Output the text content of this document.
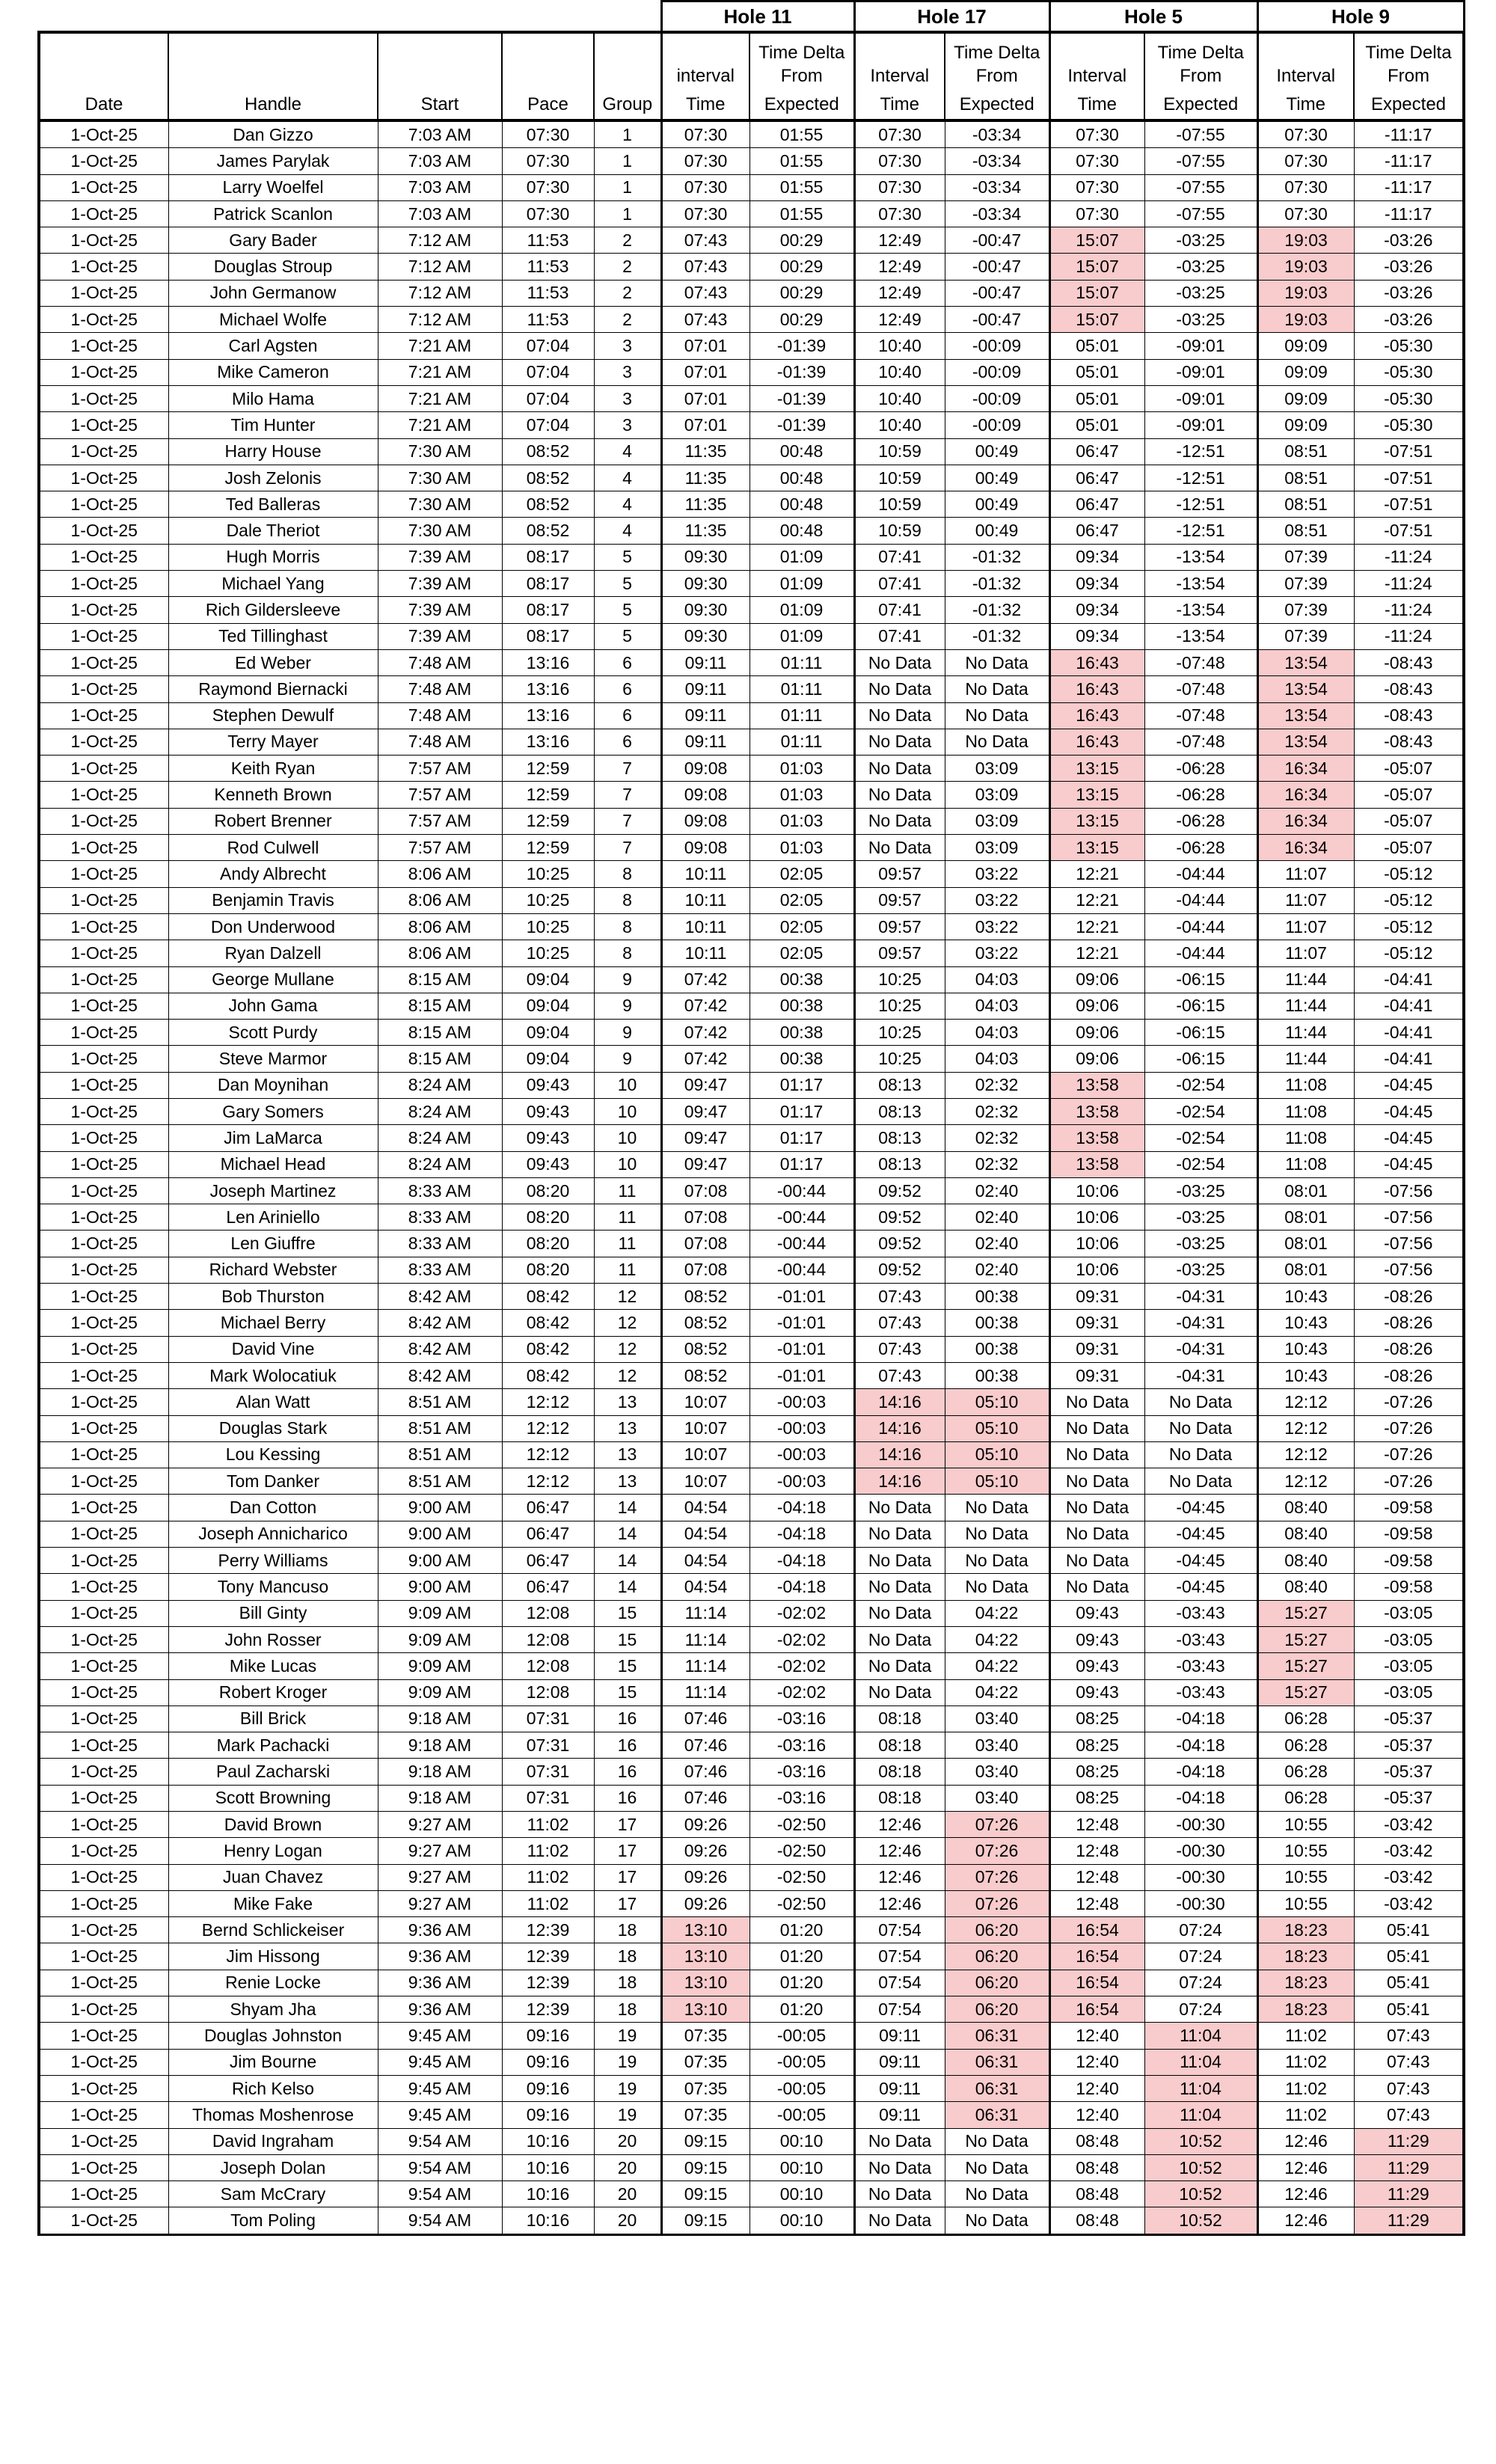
					Hole 11		Hole 17		Hole 5		Hole 9	
						Time Delta		Time Delta		Time Delta		Time Delta
					interval	From	Interval	From	Interval	From	Interval	From
Date	Handle	Start	Pace	Group	Time	Expected	Time	Expected	Time	Expected	Time	Expected
1-Oct-25	Dan Gizzo	7:03 AM	07:30	1	07:30	01:55	07:30	-03:34	07:30	-07:55	07:30	-11:17
1-Oct-25	James Parylak	7:03 AM	07:30	1	07:30	01:55	07:30	-03:34	07:30	-07:55	07:30	-11:17
1-Oct-25	Larry Woelfel	7:03 AM	07:30	1	07:30	01:55	07:30	-03:34	07:30	-07:55	07:30	-11:17
1-Oct-25	Patrick Scanlon	7:03 AM	07:30	1	07:30	01:55	07:30	-03:34	07:30	-07:55	07:30	-11:17
1-Oct-25	Gary Bader	7:12 AM	11:53	2	07:43	00:29	12:49	-00:47	15:07	-03:25	19:03	-03:26
1-Oct-25	Douglas Stroup	7:12 AM	11:53	2	07:43	00:29	12:49	-00:47	15:07	-03:25	19:03	-03:26
1-Oct-25	John Germanow	7:12 AM	11:53	2	07:43	00:29	12:49	-00:47	15:07	-03:25	19:03	-03:26
1-Oct-25	Michael Wolfe	7:12 AM	11:53	2	07:43	00:29	12:49	-00:47	15:07	-03:25	19:03	-03:26
1-Oct-25	Carl Agsten	7:21 AM	07:04	3	07:01	-01:39	10:40	-00:09	05:01	-09:01	09:09	-05:30
1-Oct-25	Mike Cameron	7:21 AM	07:04	3	07:01	-01:39	10:40	-00:09	05:01	-09:01	09:09	-05:30
1-Oct-25	Milo Hama	7:21 AM	07:04	3	07:01	-01:39	10:40	-00:09	05:01	-09:01	09:09	-05:30
1-Oct-25	Tim Hunter	7:21 AM	07:04	3	07:01	-01:39	10:40	-00:09	05:01	-09:01	09:09	-05:30
1-Oct-25	Harry House	7:30 AM	08:52	4	11:35	00:48	10:59	00:49	06:47	-12:51	08:51	-07:51
1-Oct-25	Josh Zelonis	7:30 AM	08:52	4	11:35	00:48	10:59	00:49	06:47	-12:51	08:51	-07:51
1-Oct-25	Ted Balleras	7:30 AM	08:52	4	11:35	00:48	10:59	00:49	06:47	-12:51	08:51	-07:51
1-Oct-25	Dale Theriot	7:30 AM	08:52	4	11:35	00:48	10:59	00:49	06:47	-12:51	08:51	-07:51
1-Oct-25	Hugh Morris	7:39 AM	08:17	5	09:30	01:09	07:41	-01:32	09:34	-13:54	07:39	-11:24
1-Oct-25	Michael Yang	7:39 AM	08:17	5	09:30	01:09	07:41	-01:32	09:34	-13:54	07:39	-11:24
1-Oct-25	Rich Gildersleeve	7:39 AM	08:17	5	09:30	01:09	07:41	-01:32	09:34	-13:54	07:39	-11:24
1-Oct-25	Ted Tillinghast	7:39 AM	08:17	5	09:30	01:09	07:41	-01:32	09:34	-13:54	07:39	-11:24
1-Oct-25	Ed Weber	7:48 AM	13:16	6	09:11	01:11	No Data	No Data	16:43	-07:48	13:54	-08:43
1-Oct-25	Raymond Biernacki	7:48 AM	13:16	6	09:11	01:11	No Data	No Data	16:43	-07:48	13:54	-08:43
1-Oct-25	Stephen Dewulf	7:48 AM	13:16	6	09:11	01:11	No Data	No Data	16:43	-07:48	13:54	-08:43
1-Oct-25	Terry Mayer	7:48 AM	13:16	6	09:11	01:11	No Data	No Data	16:43	-07:48	13:54	-08:43
1-Oct-25	Keith Ryan	7:57 AM	12:59	7	09:08	01:03	No Data	03:09	13:15	-06:28	16:34	-05:07
1-Oct-25	Kenneth Brown	7:57 AM	12:59	7	09:08	01:03	No Data	03:09	13:15	-06:28	16:34	-05:07
1-Oct-25	Robert Brenner	7:57 AM	12:59	7	09:08	01:03	No Data	03:09	13:15	-06:28	16:34	-05:07
1-Oct-25	Rod Culwell	7:57 AM	12:59	7	09:08	01:03	No Data	03:09	13:15	-06:28	16:34	-05:07
1-Oct-25	Andy Albrecht	8:06 AM	10:25	8	10:11	02:05	09:57	03:22	12:21	-04:44	11:07	-05:12
1-Oct-25	Benjamin Travis	8:06 AM	10:25	8	10:11	02:05	09:57	03:22	12:21	-04:44	11:07	-05:12
1-Oct-25	Don Underwood	8:06 AM	10:25	8	10:11	02:05	09:57	03:22	12:21	-04:44	11:07	-05:12
1-Oct-25	Ryan Dalzell	8:06 AM	10:25	8	10:11	02:05	09:57	03:22	12:21	-04:44	11:07	-05:12
1-Oct-25	George Mullane	8:15 AM	09:04	9	07:42	00:38	10:25	04:03	09:06	-06:15	11:44	-04:41
1-Oct-25	John Gama	8:15 AM	09:04	9	07:42	00:38	10:25	04:03	09:06	-06:15	11:44	-04:41
1-Oct-25	Scott Purdy	8:15 AM	09:04	9	07:42	00:38	10:25	04:03	09:06	-06:15	11:44	-04:41
1-Oct-25	Steve Marmor	8:15 AM	09:04	9	07:42	00:38	10:25	04:03	09:06	-06:15	11:44	-04:41
1-Oct-25	Dan Moynihan	8:24 AM	09:43	10	09:47	01:17	08:13	02:32	13:58	-02:54	11:08	-04:45
1-Oct-25	Gary Somers	8:24 AM	09:43	10	09:47	01:17	08:13	02:32	13:58	-02:54	11:08	-04:45
1-Oct-25	Jim LaMarca	8:24 AM	09:43	10	09:47	01:17	08:13	02:32	13:58	-02:54	11:08	-04:45
1-Oct-25	Michael Head	8:24 AM	09:43	10	09:47	01:17	08:13	02:32	13:58	-02:54	11:08	-04:45
1-Oct-25	Joseph Martinez	8:33 AM	08:20	11	07:08	-00:44	09:52	02:40	10:06	-03:25	08:01	-07:56
1-Oct-25	Len Ariniello	8:33 AM	08:20	11	07:08	-00:44	09:52	02:40	10:06	-03:25	08:01	-07:56
1-Oct-25	Len Giuffre	8:33 AM	08:20	11	07:08	-00:44	09:52	02:40	10:06	-03:25	08:01	-07:56
1-Oct-25	Richard Webster	8:33 AM	08:20	11	07:08	-00:44	09:52	02:40	10:06	-03:25	08:01	-07:56
1-Oct-25	Bob Thurston	8:42 AM	08:42	12	08:52	-01:01	07:43	00:38	09:31	-04:31	10:43	-08:26
1-Oct-25	Michael Berry	8:42 AM	08:42	12	08:52	-01:01	07:43	00:38	09:31	-04:31	10:43	-08:26
1-Oct-25	David Vine	8:42 AM	08:42	12	08:52	-01:01	07:43	00:38	09:31	-04:31	10:43	-08:26
1-Oct-25	Mark Wolocatiuk	8:42 AM	08:42	12	08:52	-01:01	07:43	00:38	09:31	-04:31	10:43	-08:26
1-Oct-25	Alan Watt	8:51 AM	12:12	13	10:07	-00:03	14:16	05:10	No Data	No Data	12:12	-07:26
1-Oct-25	Douglas Stark	8:51 AM	12:12	13	10:07	-00:03	14:16	05:10	No Data	No Data	12:12	-07:26
1-Oct-25	Lou Kessing	8:51 AM	12:12	13	10:07	-00:03	14:16	05:10	No Data	No Data	12:12	-07:26
1-Oct-25	Tom Danker	8:51 AM	12:12	13	10:07	-00:03	14:16	05:10	No Data	No Data	12:12	-07:26
1-Oct-25	Dan Cotton	9:00 AM	06:47	14	04:54	-04:18	No Data	No Data	No Data	-04:45	08:40	-09:58
1-Oct-25	Joseph Annicharico	9:00 AM	06:47	14	04:54	-04:18	No Data	No Data	No Data	-04:45	08:40	-09:58
1-Oct-25	Perry Williams	9:00 AM	06:47	14	04:54	-04:18	No Data	No Data	No Data	-04:45	08:40	-09:58
1-Oct-25	Tony Mancuso	9:00 AM	06:47	14	04:54	-04:18	No Data	No Data	No Data	-04:45	08:40	-09:58
1-Oct-25	Bill Ginty	9:09 AM	12:08	15	11:14	-02:02	No Data	04:22	09:43	-03:43	15:27	-03:05
1-Oct-25	John Rosser	9:09 AM	12:08	15	11:14	-02:02	No Data	04:22	09:43	-03:43	15:27	-03:05
1-Oct-25	Mike Lucas	9:09 AM	12:08	15	11:14	-02:02	No Data	04:22	09:43	-03:43	15:27	-03:05
1-Oct-25	Robert Kroger	9:09 AM	12:08	15	11:14	-02:02	No Data	04:22	09:43	-03:43	15:27	-03:05
1-Oct-25	Bill Brick	9:18 AM	07:31	16	07:46	-03:16	08:18	03:40	08:25	-04:18	06:28	-05:37
1-Oct-25	Mark Pachacki	9:18 AM	07:31	16	07:46	-03:16	08:18	03:40	08:25	-04:18	06:28	-05:37
1-Oct-25	Paul Zacharski	9:18 AM	07:31	16	07:46	-03:16	08:18	03:40	08:25	-04:18	06:28	-05:37
1-Oct-25	Scott Browning	9:18 AM	07:31	16	07:46	-03:16	08:18	03:40	08:25	-04:18	06:28	-05:37
1-Oct-25	David Brown	9:27 AM	11:02	17	09:26	-02:50	12:46	07:26	12:48	-00:30	10:55	-03:42
1-Oct-25	Henry Logan	9:27 AM	11:02	17	09:26	-02:50	12:46	07:26	12:48	-00:30	10:55	-03:42
1-Oct-25	Juan Chavez	9:27 AM	11:02	17	09:26	-02:50	12:46	07:26	12:48	-00:30	10:55	-03:42
1-Oct-25	Mike Fake	9:27 AM	11:02	17	09:26	-02:50	12:46	07:26	12:48	-00:30	10:55	-03:42
1-Oct-25	Bernd Schlickeiser	9:36 AM	12:39	18	13:10	01:20	07:54	06:20	16:54	07:24	18:23	05:41
1-Oct-25	Jim Hissong	9:36 AM	12:39	18	13:10	01:20	07:54	06:20	16:54	07:24	18:23	05:41
1-Oct-25	Renie Locke	9:36 AM	12:39	18	13:10	01:20	07:54	06:20	16:54	07:24	18:23	05:41
1-Oct-25	Shyam Jha	9:36 AM	12:39	18	13:10	01:20	07:54	06:20	16:54	07:24	18:23	05:41
1-Oct-25	Douglas Johnston	9:45 AM	09:16	19	07:35	-00:05	09:11	06:31	12:40	11:04	11:02	07:43
1-Oct-25	Jim Bourne	9:45 AM	09:16	19	07:35	-00:05	09:11	06:31	12:40	11:04	11:02	07:43
1-Oct-25	Rich Kelso	9:45 AM	09:16	19	07:35	-00:05	09:11	06:31	12:40	11:04	11:02	07:43
1-Oct-25	Thomas Moshenrose	9:45 AM	09:16	19	07:35	-00:05	09:11	06:31	12:40	11:04	11:02	07:43
1-Oct-25	David Ingraham	9:54 AM	10:16	20	09:15	00:10	No Data	No Data	08:48	10:52	12:46	11:29
1-Oct-25	Joseph Dolan	9:54 AM	10:16	20	09:15	00:10	No Data	No Data	08:48	10:52	12:46	11:29
1-Oct-25	Sam McCrary	9:54 AM	10:16	20	09:15	00:10	No Data	No Data	08:48	10:52	12:46	11:29
1-Oct-25	Tom Poling	9:54 AM	10:16	20	09:15	00:10	No Data	No Data	08:48	10:52	12:46	11:29
